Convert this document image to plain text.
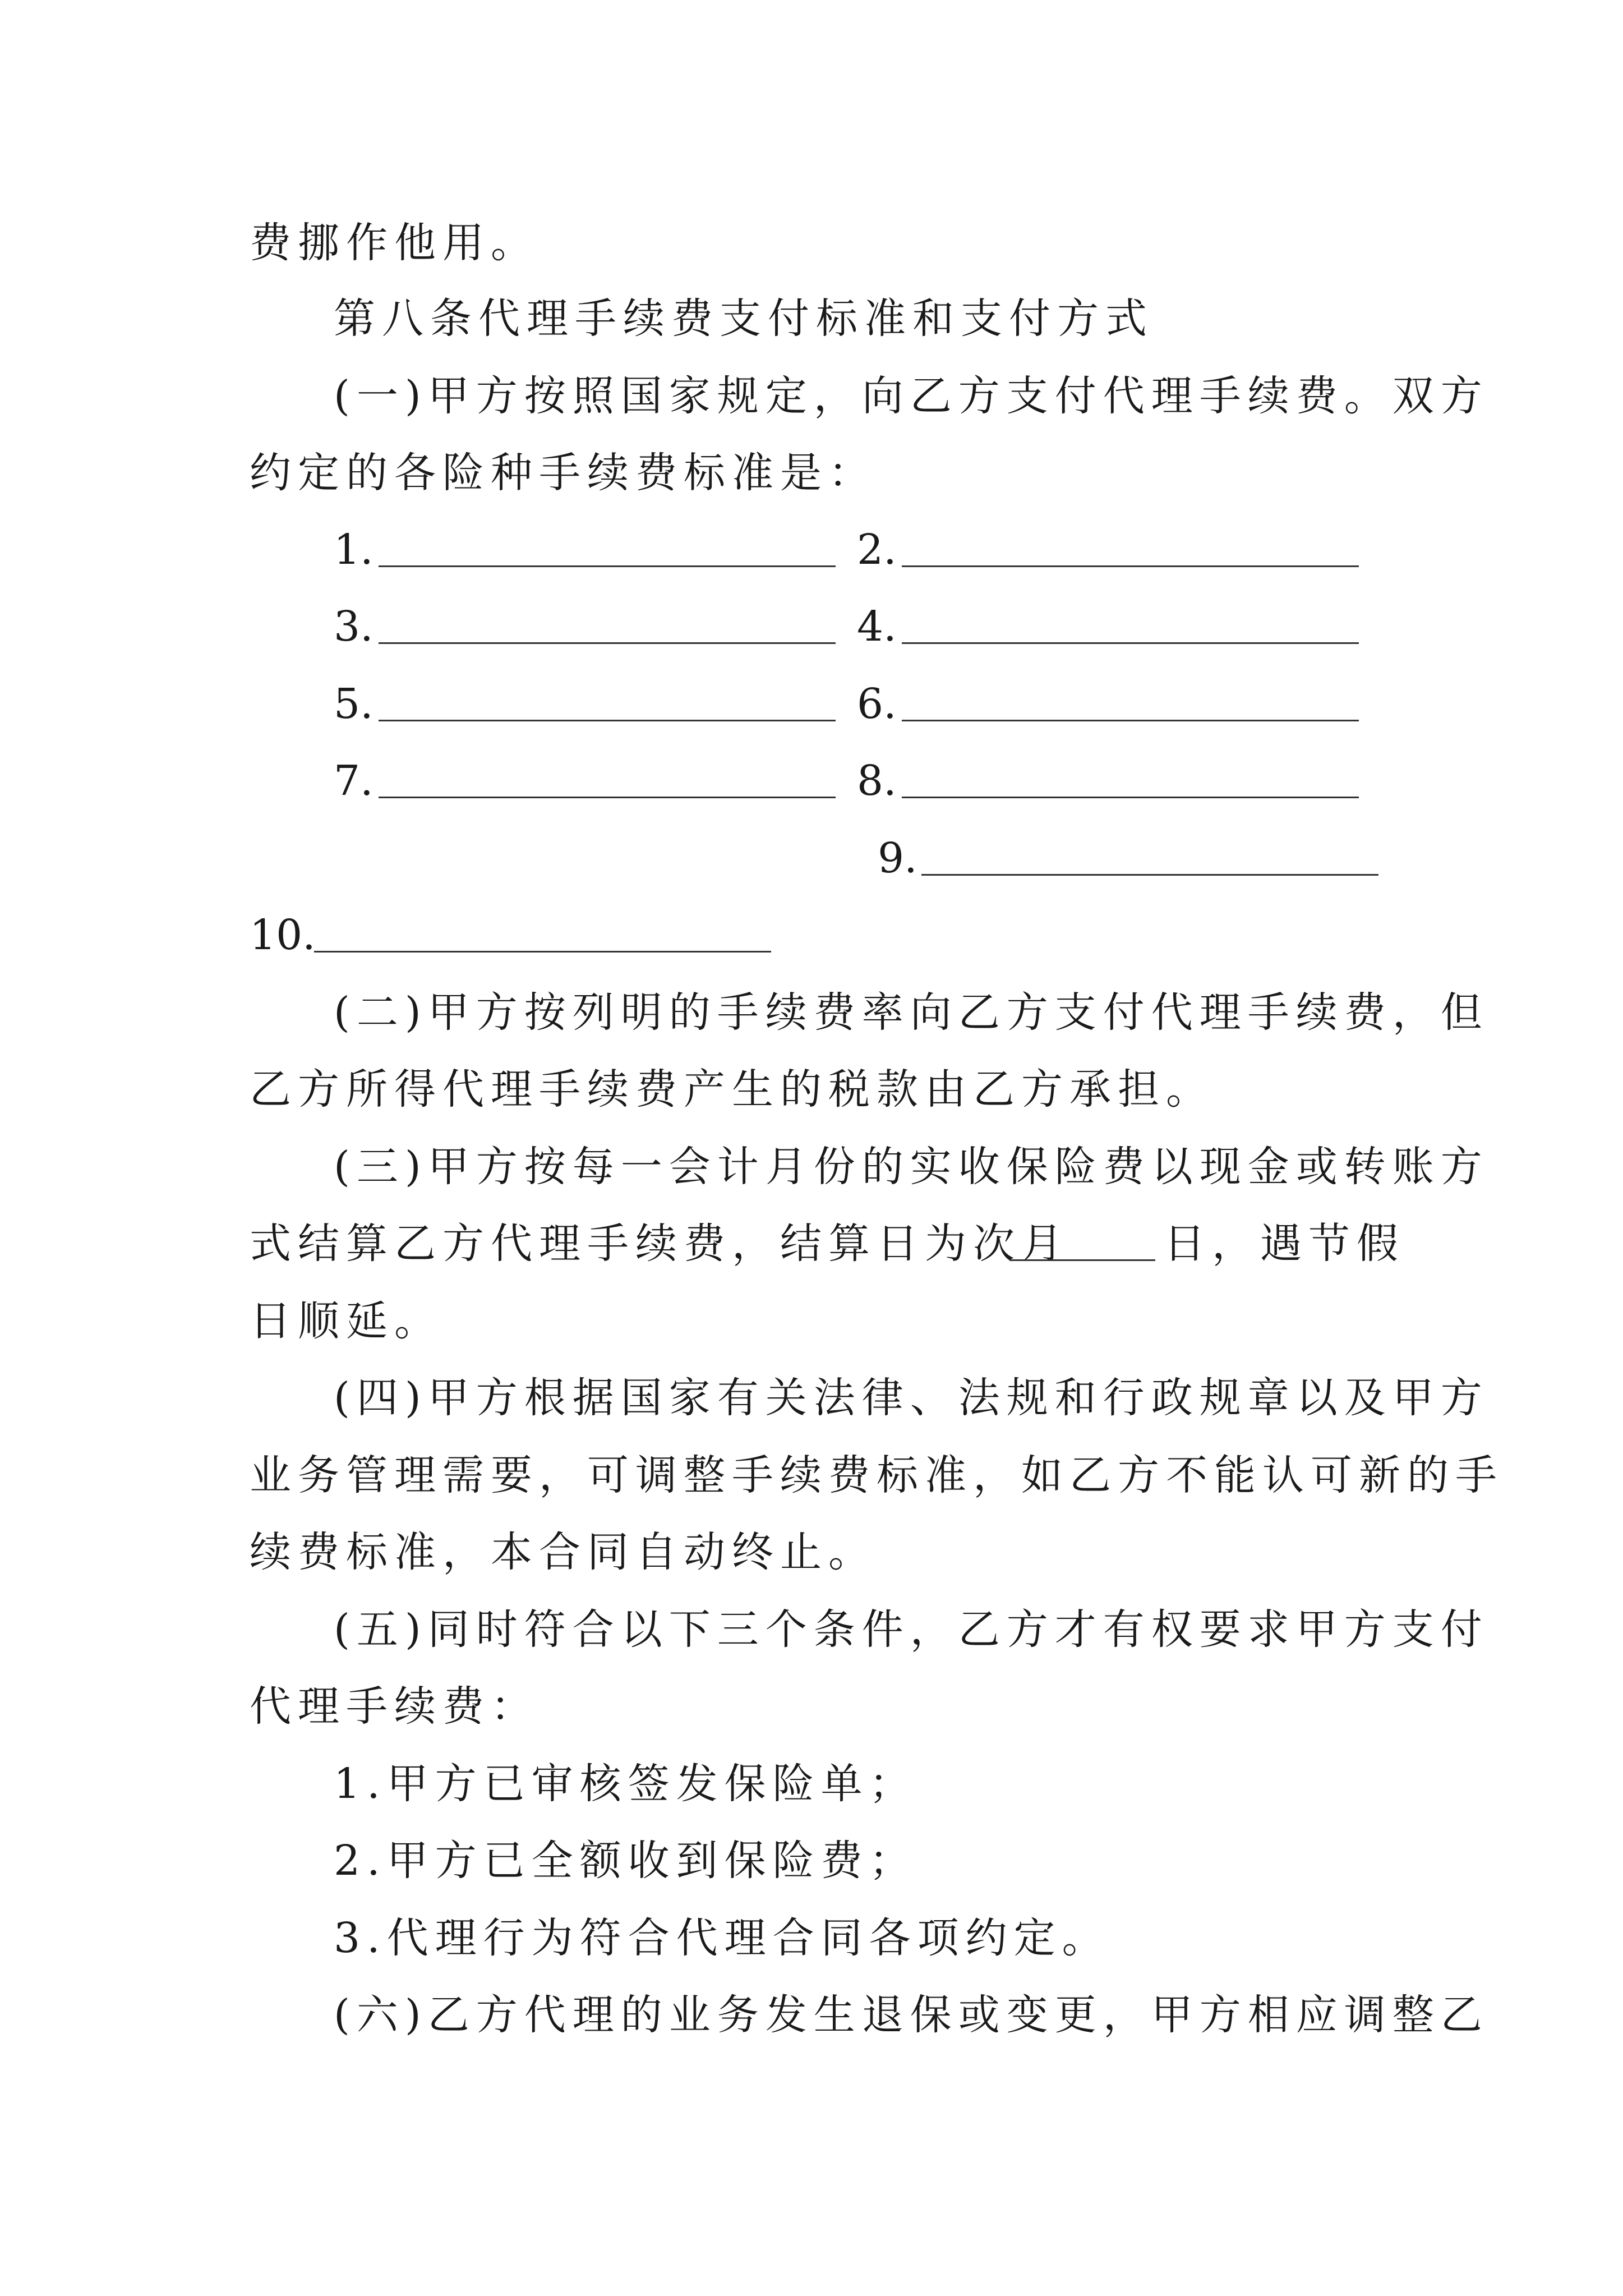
费挪作他用。
第八条代理手续费支付标准和支付方式
(一)甲方按照国家规定，向乙方支付代理手续费。双方
约定的各险种手续费标准是：
1.	2.
3.	4.
5.	6.
7.	8.
9.
10.
(二)甲方按列明的手续费率向乙方支付代理手续费，但
乙方所得代理手续费产生的税款由乙方承担。
(三)甲方按每一会计月份的实收保险费以现金或转账方
式结算乙方代理手续费，结算日为次月 日，遇节假
日顺延。
(四)甲方根据国家有关法律、法规和行政规章以及甲方
业务管理需要，可调整手续费标准，如乙方不能认可新的手
续费标准，本合同自动终止。
(五)同时符合以下三个条件，乙方才有权要求甲方支付
代理手续费：
1.甲方已审核签发保险单；
2.甲方已全额收到保险费；
3.代理行为符合代理合同各项约定。
(六)乙方代理的业务发生退保或变更，甲方相应调整乙
